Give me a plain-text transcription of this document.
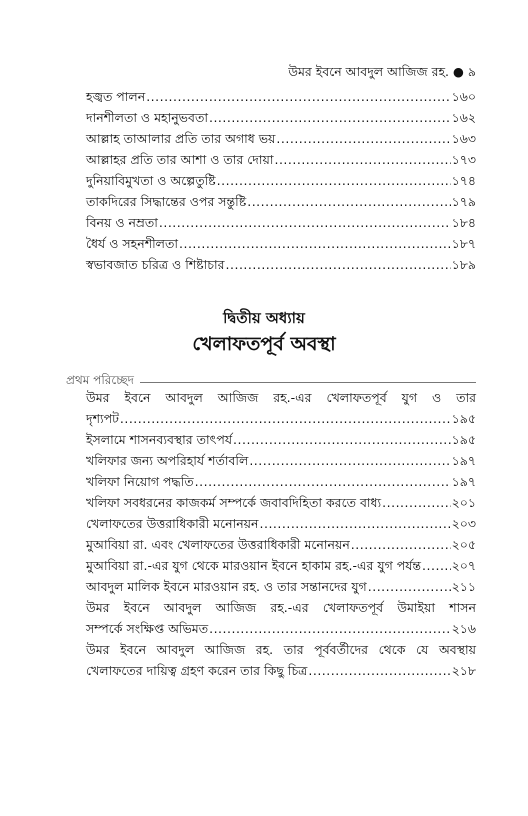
উমর ইবনে আবদুল আজিজ রহ. ● ৯
হজ্বত পালন .....	১৬০
দানশীলতা ও মহানুভবতা .....	১৬২
আল্লাহ তাআলার প্রতি তার অগাধ ভয় .....	১৬৩
আল্লাহর প্রতি তার আশা ও তার দোয়া .....	১৭৩
দুনিয়াবিমুখতা ও অল্পেতুষ্টি .....	১৭৪
তাকদিরের সিদ্ধান্তের ওপর সন্তুষ্টি .....	১৭৯
বিনয় ও নম্রতা .....	১৮৪
ধৈর্য ও সহনশীলতা .....	১৮৭
স্বভাবজাত চরিত্র ও শিষ্টাচার .....	১৮৯
দ্বিতীয় অধ্যায়
খেলাফতপূর্ব অবস্থা
প্রথম পরিচ্ছেদ
উমর ইবনে আবদুল আজিজ রহ.-এর খেলাফতপূর্ব যুগ ও তার
দৃশ্যপট .....	১৯৫
ইসলামে শাসনব্যবস্থার তাৎপর্য .....	১৯৫
খলিফার জন্য অপরিহার্য শর্তাবলি .....	১৯৭
খলিফা নিয়োগ পদ্ধতি .....	১৯৭
খলিফা সবধরনের কাজকর্ম সম্পর্কে জবাবদিহিতা করতে বাধ্য .....	২০১
খেলাফতের উত্তরাধিকারী মনোনয়ন .....	২০৩
মুআবিয়া রা. এবং খেলাফতের উত্তরাধিকারী মনোনয়ন .....	২০৫
মুআবিয়া রা.-এর যুগ থেকে মারওয়ান ইবনে হাকাম রহ.-এর যুগ পর্যন্ত ..... ২০৭
আবদুল মালিক ইবনে মারওয়ান রহ. ও তার সন্তানদের যুগ .....	২১১
উমর ইবনে আবদুল আজিজ রহ.-এর খেলাফতপূর্ব উমাইয়া শাসন
সম্পর্কে সংক্ষিপ্ত অভিমত .....	২১৬
উমর ইবনে আবদুল আজিজ রহ. তার পূর্ববর্তীদের থেকে যে অবস্থায়
খেলাফতের দায়িত্ব গ্রহণ করেন তার কিছু চিত্র .....	২১৮
